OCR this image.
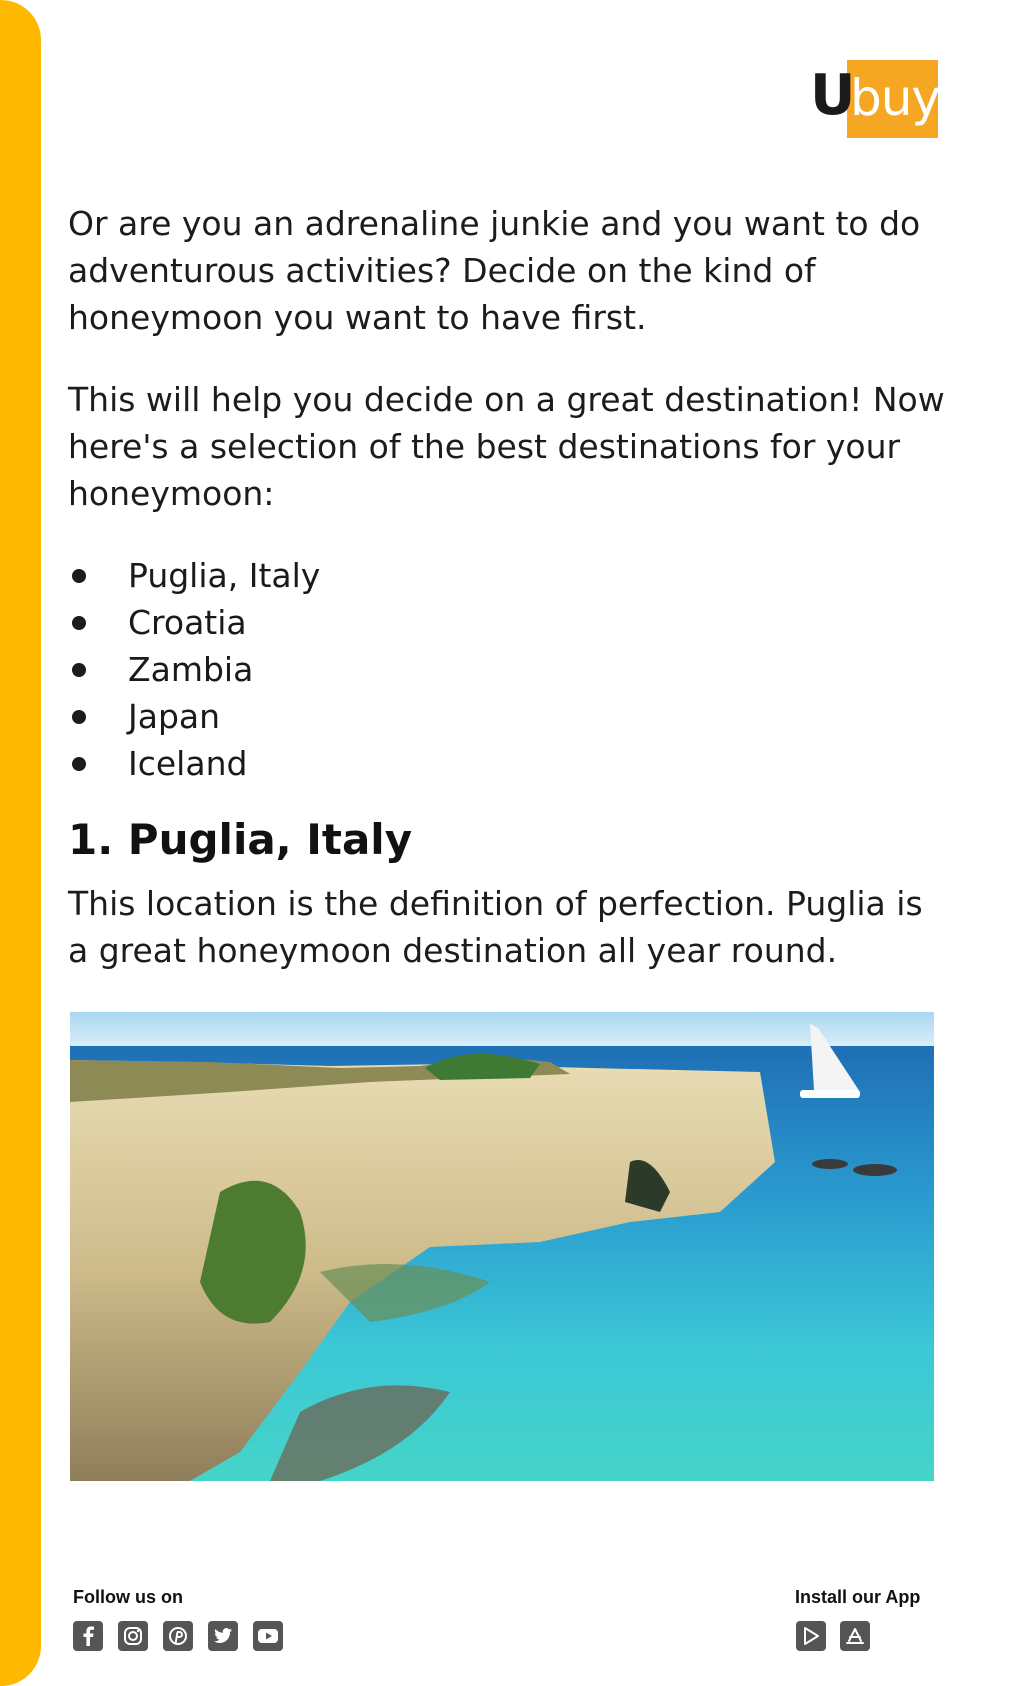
U
buy

Or are you an adrenaline junkie and you want to do adventurous activities? Decide on the kind of honeymoon you want to have first.

This will help you decide on a great destination! Now here's a selection of the best destinations for your honeymoon:

Puglia, Italy
Croatia
Zambia
Japan
Iceland
1. Puglia, Italy

This location is the definition of perfection. Puglia is a great honeymoon destination all year round.

Follow us on	Install our App
